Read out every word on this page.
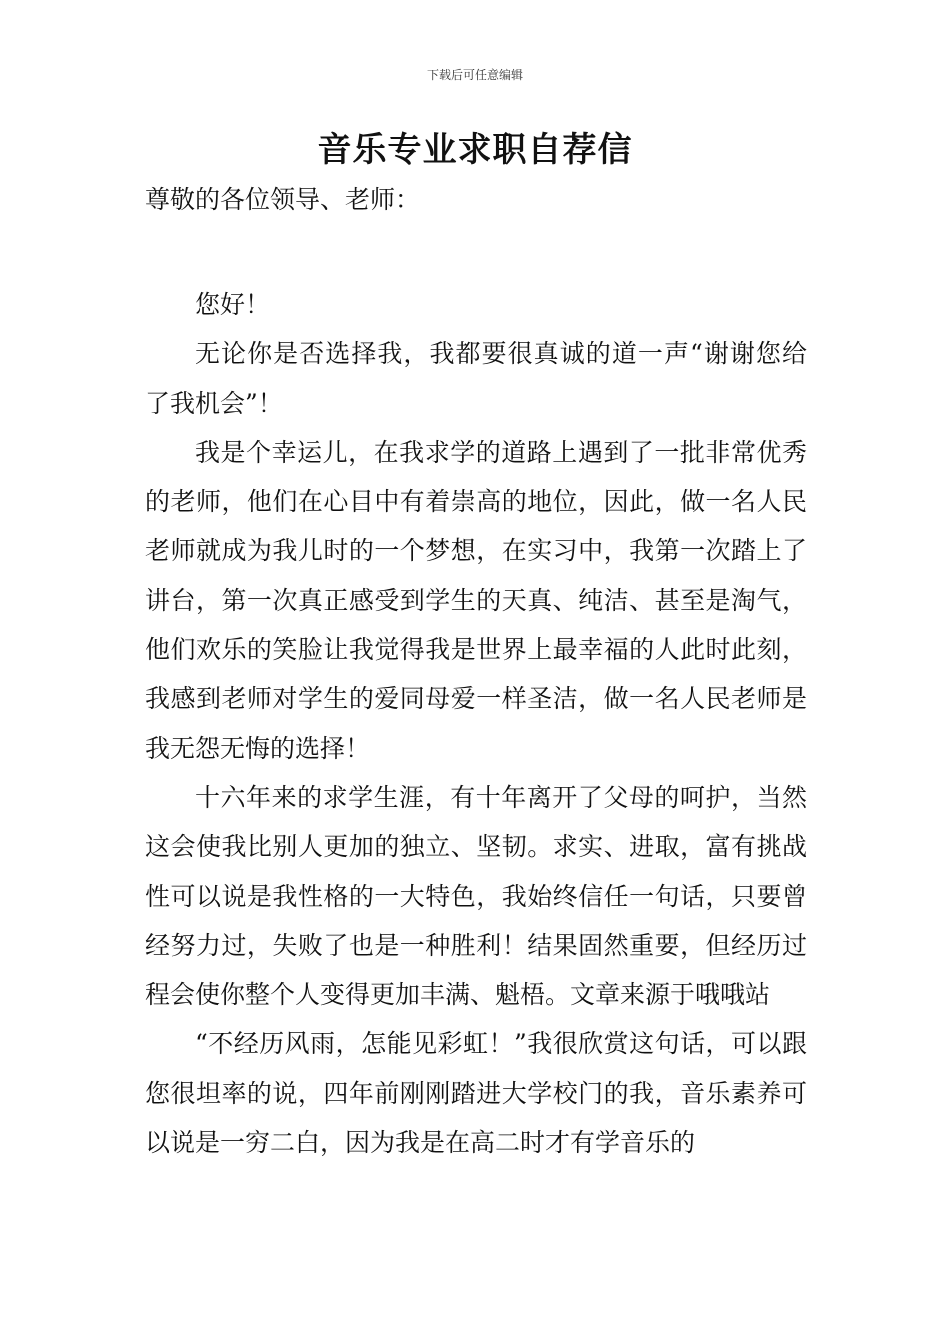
下载后可任意编辑
音乐专业求职自荐信
尊敬的各位领导、老师：

您好！

无论你是否选择我，我都要很真诚的道一声“谢谢您给了我机会”！

我是个幸运儿，在我求学的道路上遇到了一批非常优秀的老师，他们在心目中有着崇高的地位，因此，做一名人民老师就成为我儿时的一个梦想，在实习中，我第一次踏上了讲台，第一次真正感受到学生的天真、纯洁、甚至是淘气，他们欢乐的笑脸让我觉得我是世界上最幸福的人此时此刻，我感到老师对学生的爱同母爱一样圣洁，做一名人民老师是我无怨无悔的选择！

十六年来的求学生涯，有十年离开了父母的呵护，当然这会使我比别人更加的独立、坚韧。求实、进取，富有挑战性可以说是我性格的一大特色，我始终信任一句话，只要曾经努力过，失败了也是一种胜利！结果固然重要，但经历过程会使你整个人变得更加丰满、魁梧。文章来源于哦哦站

“不经历风雨，怎能见彩虹！”我很欣赏这句话，可以跟您很坦率的说，四年前刚刚踏进大学校门的我，音乐素养可以说是一穷二白，因为我是在高二时才有学音乐的
